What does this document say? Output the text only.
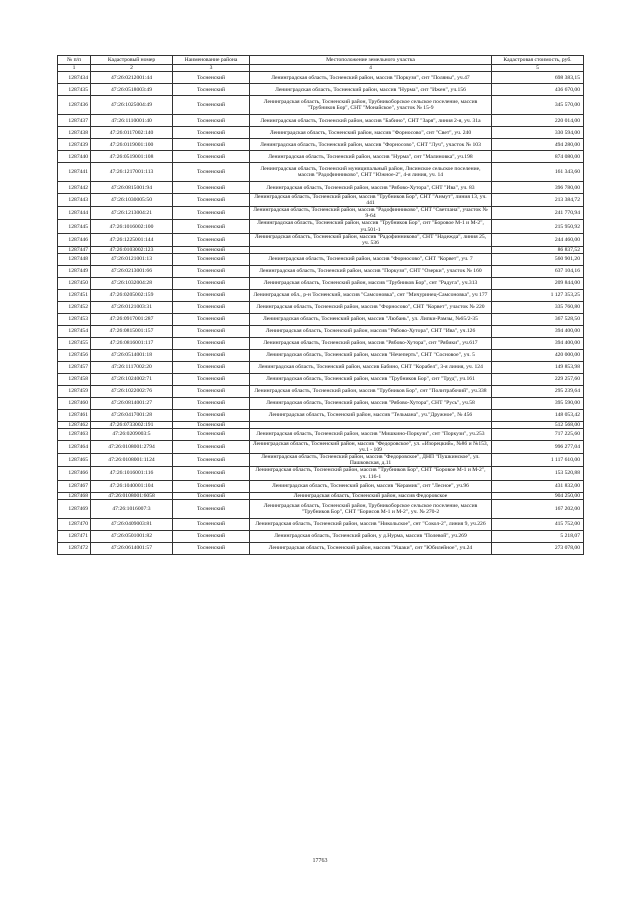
№ п/п	Кадастровый номер	Наименование района	Местоположение земельного участка	Кадастровая стоимость, руб.
1	2	3	4	5
1287434	47:26:0212001:44	Тосненский	Ленинградская область, Тосненский район, массив "Поркузи", снт "Поляны", уч.47	698 383,15
1287435	47:26:0518003:49	Тосненский	Ленинградская область, Тосненский район, массив "Нурма", снт "Ижен", уч.156	436 670,00
1287436	47:26:1025004:49	Тосненский	Ленинградская область, Тосненский район, Трубникоборское сельское поселение, массив "Трубников Бор", СНТ "Монайское", участок № 15-9	345 570,00
1287437	47:26:1110001:40	Тосненский	Ленинградская область, Тосненский район, массив "Бабино", СНТ "Заря", линия 2-я, уч. 31а	220 014,00
1287438	47:26:0117002:140	Тосненский	Ленинградская область, Тосненский район, массив "Форносово", снт "Свет", уч. 240	330 594,00
1287439	47:26:0119001:100	Тосненский	Ленинградская область, Тосненский район, массив "Форносово", СНТ "Луч", участок № 103	494 280,00
1287440	47:26:0519001:108	Тосненский	Ленинградская область, Тосненский район, массив "Нурма", снт "Малиновка", уч.198	874 080,00
1287441	47:26:1217001:113	Тосненский	Ленинградская область, Тосненский муниципальный район, Лисинское сельское поселение, массив "Радофинниково", СНТ "Южное-2", 4-я линия, уч. 14	161 343,60
1287442	47:26:0815001:94	Тосненский	Ленинградская область, Тосненский район, массив "Рябово-Хутора", СНТ "Ива", уч. 83	396 780,00
1287443	47:26:1030005:50	Тосненский	Ленинградская область, Тосненский район, массив "Трубников Бор", СНТ "Анмут", линия 13, уч. 441	213 384,72
1287444	47:26:1213004:21	Тосненский	Ленинградская область, Тосненский район, массив "Радофинниково", СНТ "Светлана", участок № 9-64	241 770,94
1287445	47:26:1016002:100	Тосненский	Ленинградская область, Тосненский район, массив "Трубников Бор", снт "Боровое М-1 и М-2", уч.501-1	215 950,92
1287446	47:26:1225001:144	Тосненский	Ленинградская область, Тосненский район, массив "Радофинниково", СНТ "Надежда", линия 25, уч. 536	244 460,00
1287447	47:26:0103002:123	Тосненский		86 837,52
1287448	47:26:0121001:13	Тосненский	Ленинградская область, Тосненский район, массив "Форносово", СНТ "Корвет", уч. 7	560 901,20
1287449	47:26:0213001:66	Тосненский	Ленинградская область, Тосненский район, массив "Поркузи", СНТ "Озерки", участок № 160	637 104,16
1287450	47:26:1032004:28	Тосненский	Ленинградская область, Тосненский район, массив "Трубников Бор", снт "Радуга", уч.313	209 844,00
1287451	47:26:0205002:159	Тосненский	Ленинградская обл., р-н Тосненский, массив "Самсоновка", снт "Мичуринец-Самсоновка", уч 177	1 127 353,25
1287452	47:26:0121003:31	Тосненский	Ленинградская область, Тосненский район, массив "Форносово", СНТ "Корвет", участок № 220	335 760,80
1287453	47:26:0917001:287	Тосненский	Ленинградская область, Тосненский район, массив "Любань", ул. Липки-Рамзы, №65/2-35	367 528,50
1287454	47:26:0815001:157	Тосненский	Ленинградская область, Тосненский район, массив "Рябово-Хутора", СНТ "Ива", уч.126	394 400,00
1287455	47:26:0816001:117	Тосненский	Ленинградская область, Тосненский район, массив "Рябово-Хутора", снт "Рябики", уч.617	394 400,00
1287456	47:26:0514001:18	Тосненский	Ленинградская область, Тосненский район, массив "Нечеперть", СНТ "Сосновое", уч. 5	420 000,00
1287457	47:26:1117002:20	Тосненский	Ленинградская область, Тосненский район, массив Бабино, СНТ "Корабел", 3-я линия, уч. 124	149 853,98
1287458	47:26:1024002:71	Тосненский	Ленинградская область, Тосненский район, массив "Трубников Бор", снт "Труд", уч.161	229 257,60
1287459	47:26:1022002:76	Тосненский	Ленинградская область, Тосненский район, массив "Трубников Бор", снт "Политрабочий", уч.338	295 239,64
1287460	47:26:0814001:27	Тосненский	Ленинградская область, Тосненский район, массив "Рябово-Хутора", СНТ "Русь", уч.58	395 590,00
1287461	47:26:0417001:28	Тосненский	Ленинградская область, Тосненский район, массив "Тельмана", уч."Дружное", № 456	148 053,42
1287462	47:26:0733002:191	Тосненский		512 568,00
1287463	47:26:0209003:5	Тосненский	Ленинградская область, Тосненский район, массив "Мишкино-Поркузи", снт "Поркузи", уч.253	717 225,60
1287464	47:26:0108001:2794	Тосненский	Ленинградская область, Тосненский район, массив "Федоровское", ул. «Изорецкий», №86 и №153, уч.1 - 109	996 277,04
1287465	47:26:0108001:1124	Тосненский	Ленинградская область, Тосненский район, массив "Федоровское", ДНП "Пушкинское", ул. Пашковская, д.11	1 117 610,00
1287466	47:26:1016001:116	Тосненский	Ленинградская область, Тосненский район, массив "Трубников Бор", СНТ "Боровое М-1 и М-2", уч. 116-1	153 520,88
1287467	47:26:1040001:104	Тосненский	Ленинградская область, Тосненский район, массив "Керамик", снт "Лесное", уч.96	431 832,00
1287468	47:26:0108001:6058	Тосненский	Ленинградская область, Тосненский район, массив Федоровское	904 250,00
1287469	47:26:1016007:3	Тосненский	Ленинградская область, Тосненский район, Трубникоборское сельское поселение, массив "Трубников Бор", СНТ "Борисов М-1 и М-2", уч. № 270-2	167 202,00
1287470	47:26:0409003:81	Тосненский	Ленинградская область, Тосненский район, массив "Никольское", снт "Сокол-2", линия 9, уч.226	415 752,00
1287471	47:26:0501001:82	Тосненский	Ленинградская область, Тосненский район, у д.Нурма, массив "Полевой", уч.269	5 218,07
1287472	47:26:0614001:57	Тосненский	Ленинградская область, Тосненский район, массив "Ушаки", снт "Юбилейное", уч.24	273 078,00
17763
